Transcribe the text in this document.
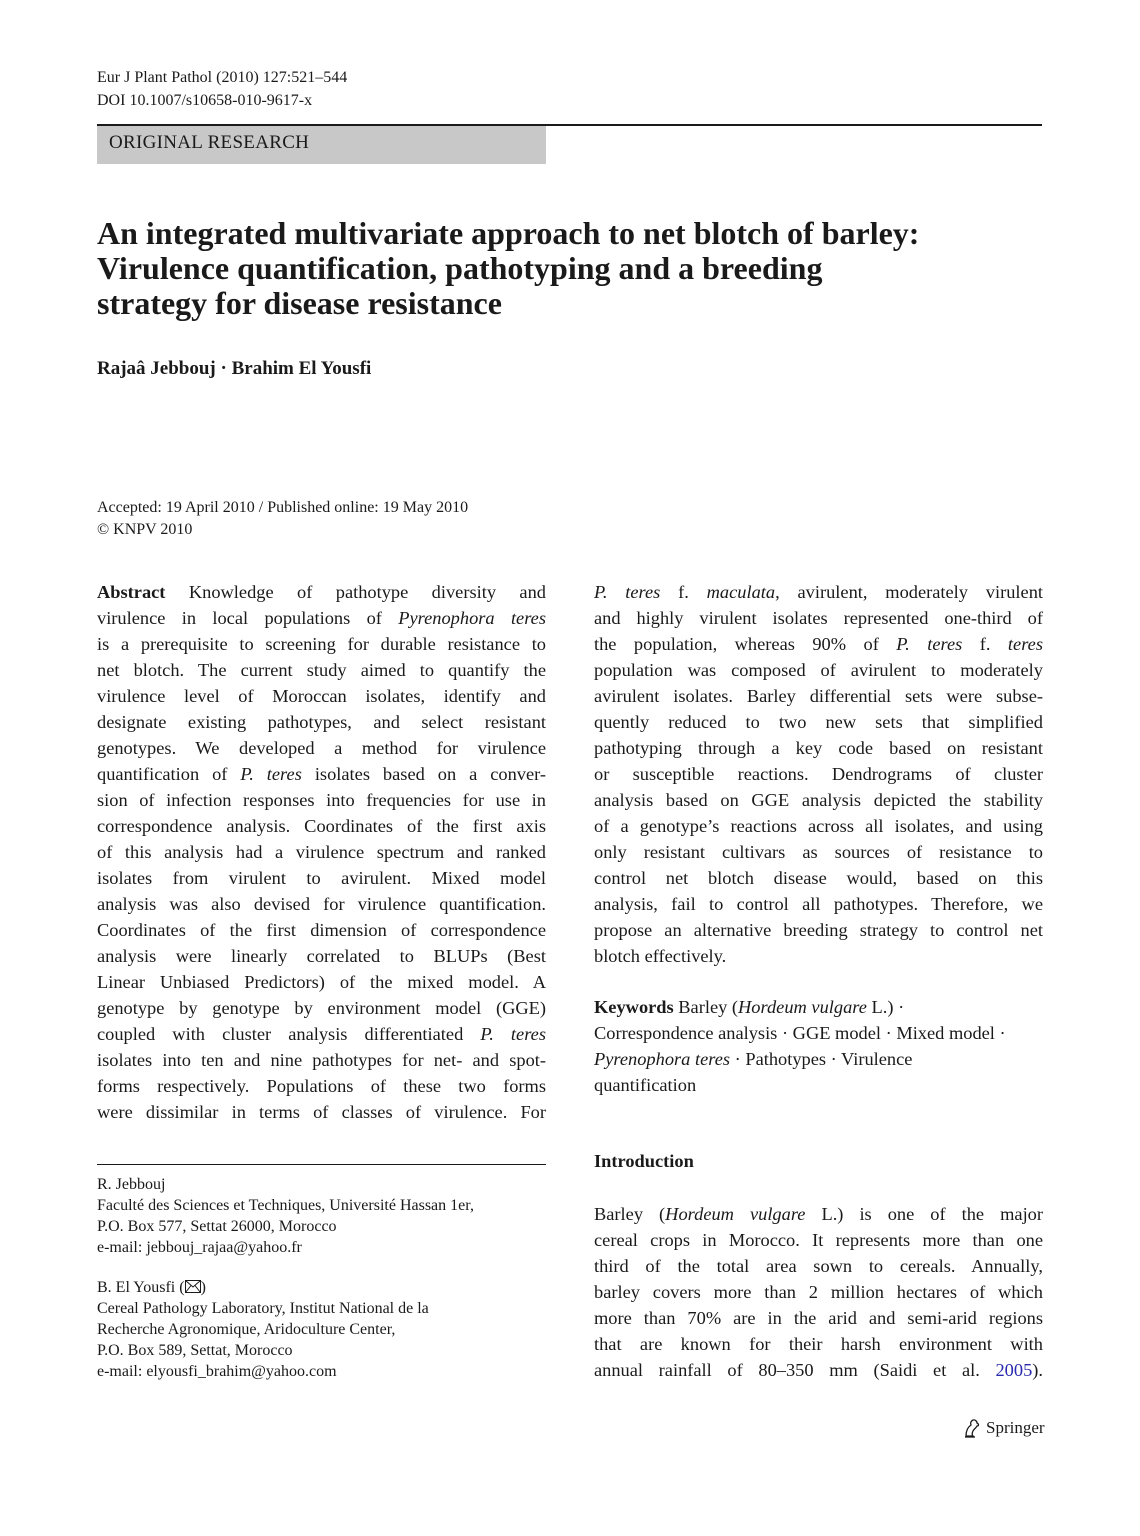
Eur J Plant Pathol (2010) 127:521–544
DOI 10.1007/s10658-010-9617-x
ORIGINAL RESEARCH
An integrated multivariate approach to net blotch of barley:
Virulence quantification, pathotyping and a breeding
strategy for disease resistance
Rajaâ Jebbouj · Brahim El Yousfi
Accepted: 19 April 2010 / Published online: 19 May 2010
© KNPV 2010
Abstract Knowledge of pathotype diversity and
virulence in local populations of Pyrenophora teres
is a prerequisite to screening for durable resistance to
net blotch. The current study aimed to quantify the
virulence level of Moroccan isolates, identify and
designate existing pathotypes, and select resistant
genotypes. We developed a method for virulence
quantification of P. teres isolates based on a conver-
sion of infection responses into frequencies for use in
correspondence analysis. Coordinates of the first axis
of this analysis had a virulence spectrum and ranked
isolates from virulent to avirulent. Mixed model
analysis was also devised for virulence quantification.
Coordinates of the first dimension of correspondence
analysis were linearly correlated to BLUPs (Best
Linear Unbiased Predictors) of the mixed model. A
genotype by genotype by environment model (GGE)
coupled with cluster analysis differentiated P. teres
isolates into ten and nine pathotypes for net- and spot-
forms respectively. Populations of these two forms
were dissimilar in terms of classes of virulence. For
P. teres f. maculata, avirulent, moderately virulent
and highly virulent isolates represented one-third of
the population, whereas 90% of P. teres f. teres
population was composed of avirulent to moderately
avirulent isolates. Barley differential sets were subse-
quently reduced to two new sets that simplified
pathotyping through a key code based on resistant
or susceptible reactions. Dendrograms of cluster
analysis based on GGE analysis depicted the stability
of a genotype’s reactions across all isolates, and using
only resistant cultivars as sources of resistance to
control net blotch disease would, based on this
analysis, fail to control all pathotypes. Therefore, we
propose an alternative breeding strategy to control net
blotch effectively.
Keywords Barley (Hordeum vulgare L.) ·
Correspondence analysis · GGE model · Mixed model ·
Pyrenophora teres · Pathotypes · Virulence
quantification
Introduction
Barley (Hordeum vulgare L.) is one of the major
cereal crops in Morocco. It represents more than one
third of the total area sown to cereals. Annually,
barley covers more than 2 million hectares of which
more than 70% are in the arid and semi-arid regions
that are known for their harsh environment with
annual rainfall of 80–350 mm (Saidi et al. 2005).
R. Jebbouj
Faculté des Sciences et Techniques, Université Hassan 1er,
P.O. Box 577, Settat 26000, Morocco
e-mail: jebbouj_rajaa@yahoo.fr
B. El Yousfi ( )
Cereal Pathology Laboratory, Institut National de la
Recherche Agronomique, Aridoculture Center,
P.O. Box 589, Settat, Morocco
e-mail: elyousfi_brahim@yahoo.com
Springer
